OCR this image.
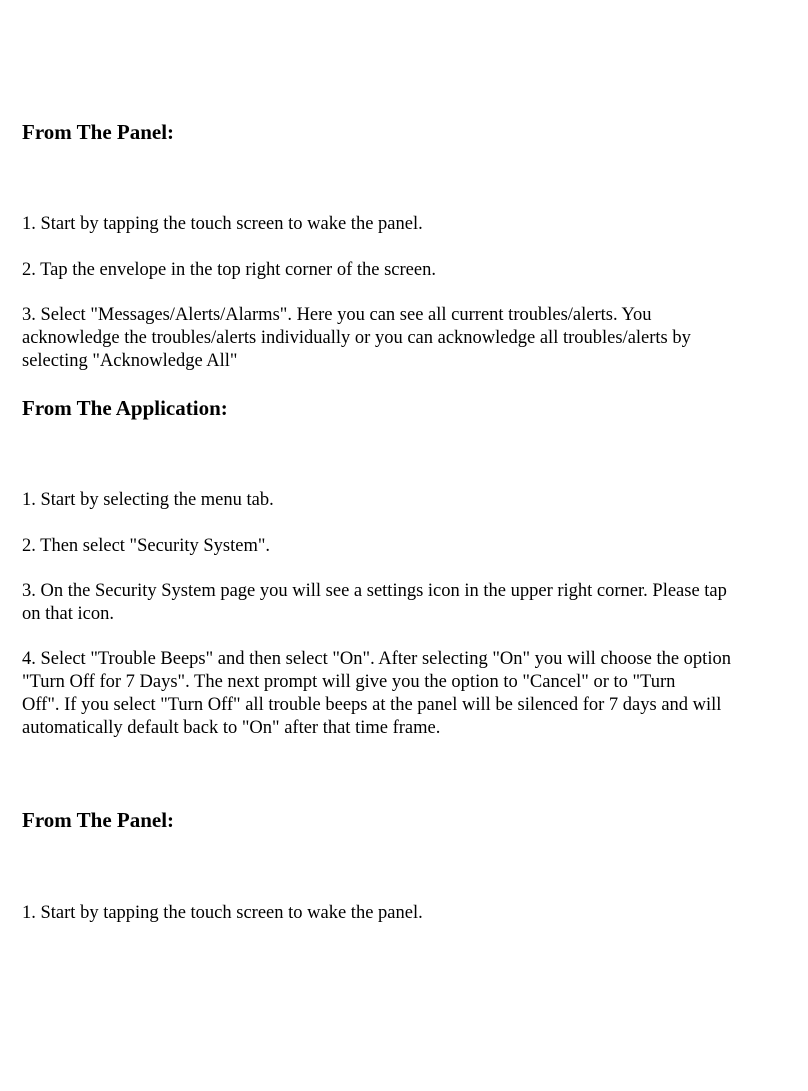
From The Panel:

1. Start by tapping the touch screen to wake the panel.

2. Tap the envelope in the top right corner of the screen.

3. Select "Messages/Alerts/Alarms". Here you can see all current troubles/alerts. You
acknowledge the troubles/alerts individually or you can acknowledge all troubles/alerts by
selecting "Acknowledge All"

From The Application:

1. Start by selecting the menu tab.

2. Then select "Security System".

3. On the Security System page you will see a settings icon in the upper right corner. Please tap
on that icon.

4. Select "Trouble Beeps" and then select "On". After selecting "On" you will choose the option
"Turn Off for 7 Days". The next prompt will give you the option to "Cancel" or to "Turn
Off". If you select "Turn Off" all trouble beeps at the panel will be silenced for 7 days and will
automatically default back to "On" after that time frame.

From The Panel:

1. Start by tapping the touch screen to wake the panel.
